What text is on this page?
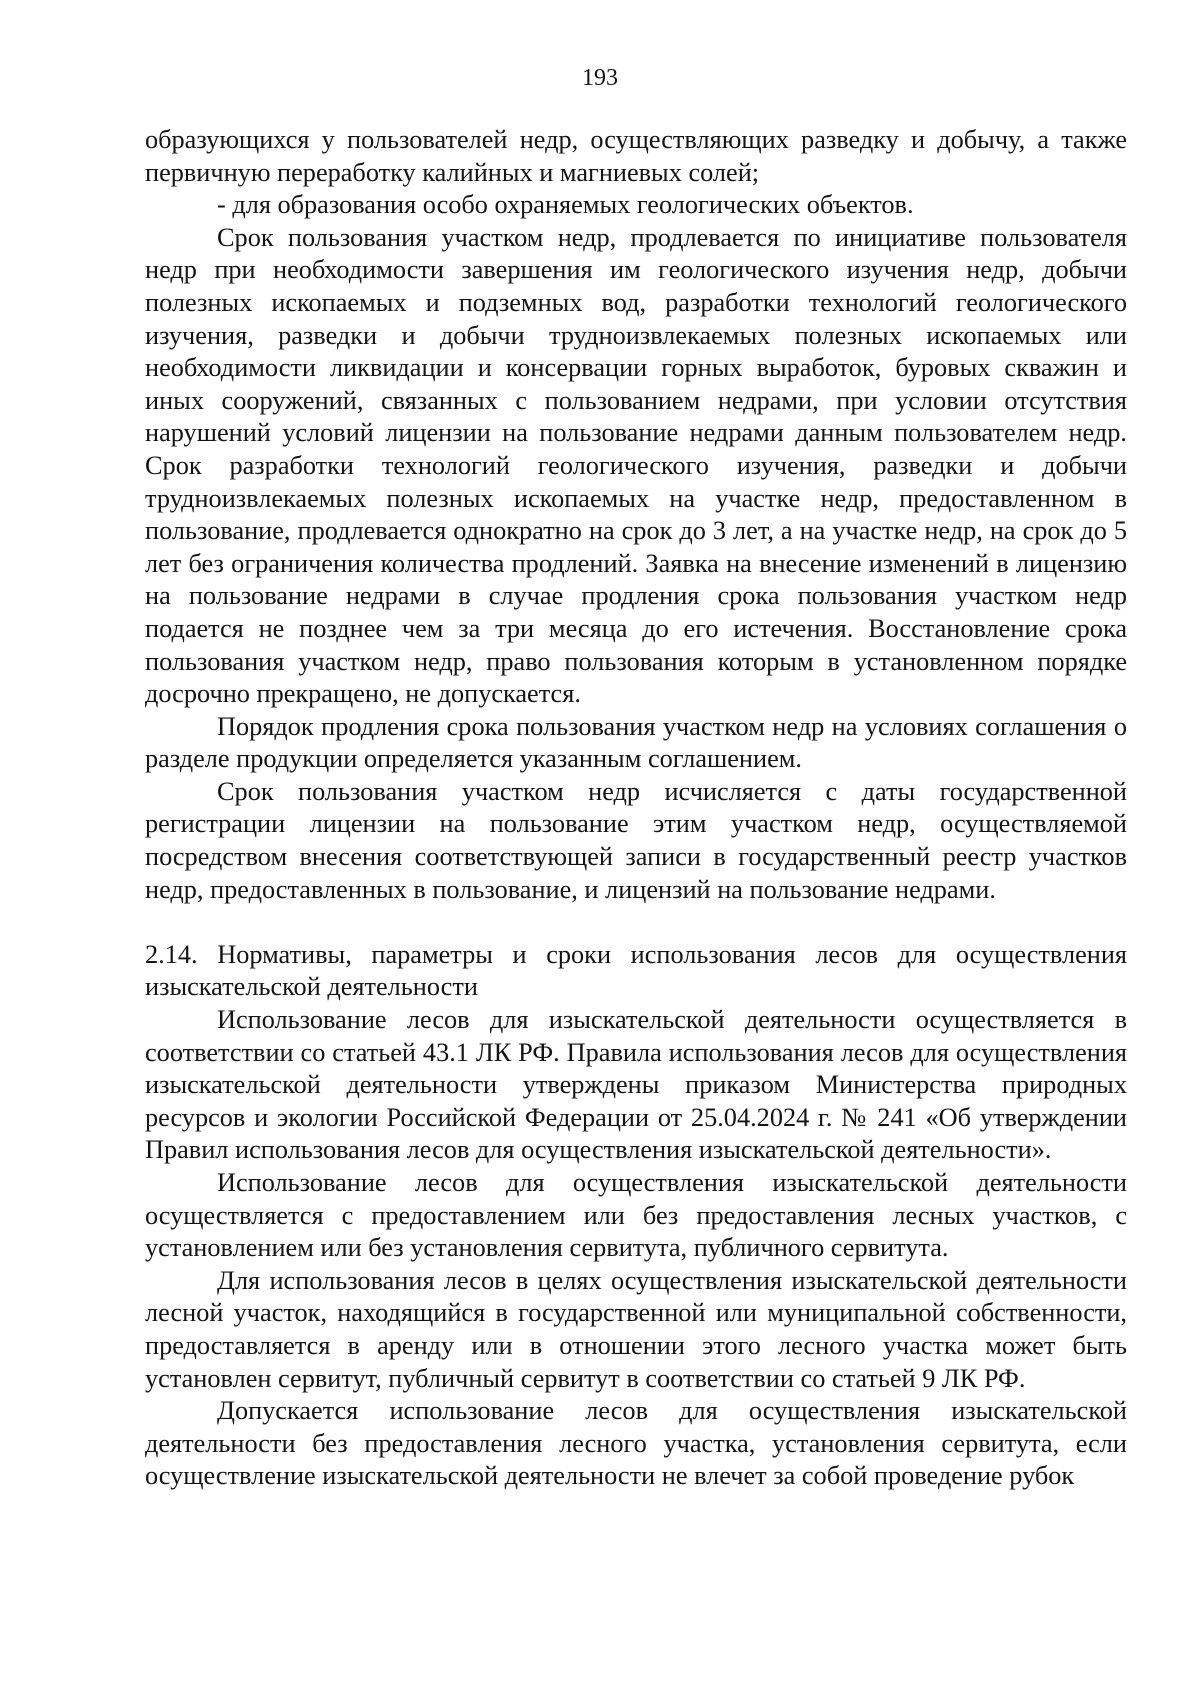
193

образующихся у пользователей недр, осуществляющих разведку и добычу, а также первичную переработку калийных и магниевых солей;

- для образования особо охраняемых геологических объектов.

Срок пользования участком недр, продлевается по инициативе пользователя недр при необходимости завершения им геологического изучения недр, добычи полезных ископаемых и подземных вод, разработки технологий геологического изучения, разведки и добычи трудноизвлекаемых полезных ископаемых или необходимости ликвидации и консервации горных выработок, буровых скважин и иных сооружений, связанных с пользованием недрами, при условии отсутствия нарушений условий лицензии на пользование недрами данным пользователем недр. Срок разработки технологий геологического изучения, разведки и добычи трудноизвлекаемых полезных ископаемых на участке недр, предоставленном в пользование, продлевается однократно на срок до 3 лет, а на участке недр, на срок до 5 лет без ограничения количества продлений. Заявка на внесение изменений в лицензию на пользование недрами в случае продления срока пользования участком недр подается не позднее чем за три месяца до его истечения. Восстановление срока пользования участком недр, право пользования которым в установленном порядке досрочно прекращено, не допускается.

Порядок продления срока пользования участком недр на условиях соглашения о разделе продукции определяется указанным соглашением.

Срок пользования участком недр исчисляется с даты государственной регистрации лицензии на пользование этим участком недр, осуществляемой посредством внесения соответствующей записи в государственный реестр участков недр, предоставленных в пользование, и лицензий на пользование недрами.

2.14. Нормативы, параметры и сроки использования лесов для осуществления изыскательской деятельности

Использование лесов для изыскательской деятельности осуществляется в соответствии со статьей 43.1 ЛК РФ. Правила использования лесов для осуществления изыскательской деятельности утверждены приказом Министерства природных ресурсов и экологии Российской Федерации от 25.04.2024 г. № 241 «Об утверждении Правил использования лесов для осуществления изыскательской деятельности».

Использование лесов для осуществления изыскательской деятельности осуществляется с предоставлением или без предоставления лесных участков, с установлением или без установления сервитута, публичного сервитута.

Для использования лесов в целях осуществления изыскательской деятельности лесной участок, находящийся в государственной или муниципальной собственности, предоставляется в аренду или в отношении этого лесного участка может быть установлен сервитут, публичный сервитут в соответствии со статьей 9 ЛК РФ.

Допускается использование лесов для осуществления изыскательской деятельности без предоставления лесного участка, установления сервитута, если осуществление изыскательской деятельности не влечет за собой проведение рубок
